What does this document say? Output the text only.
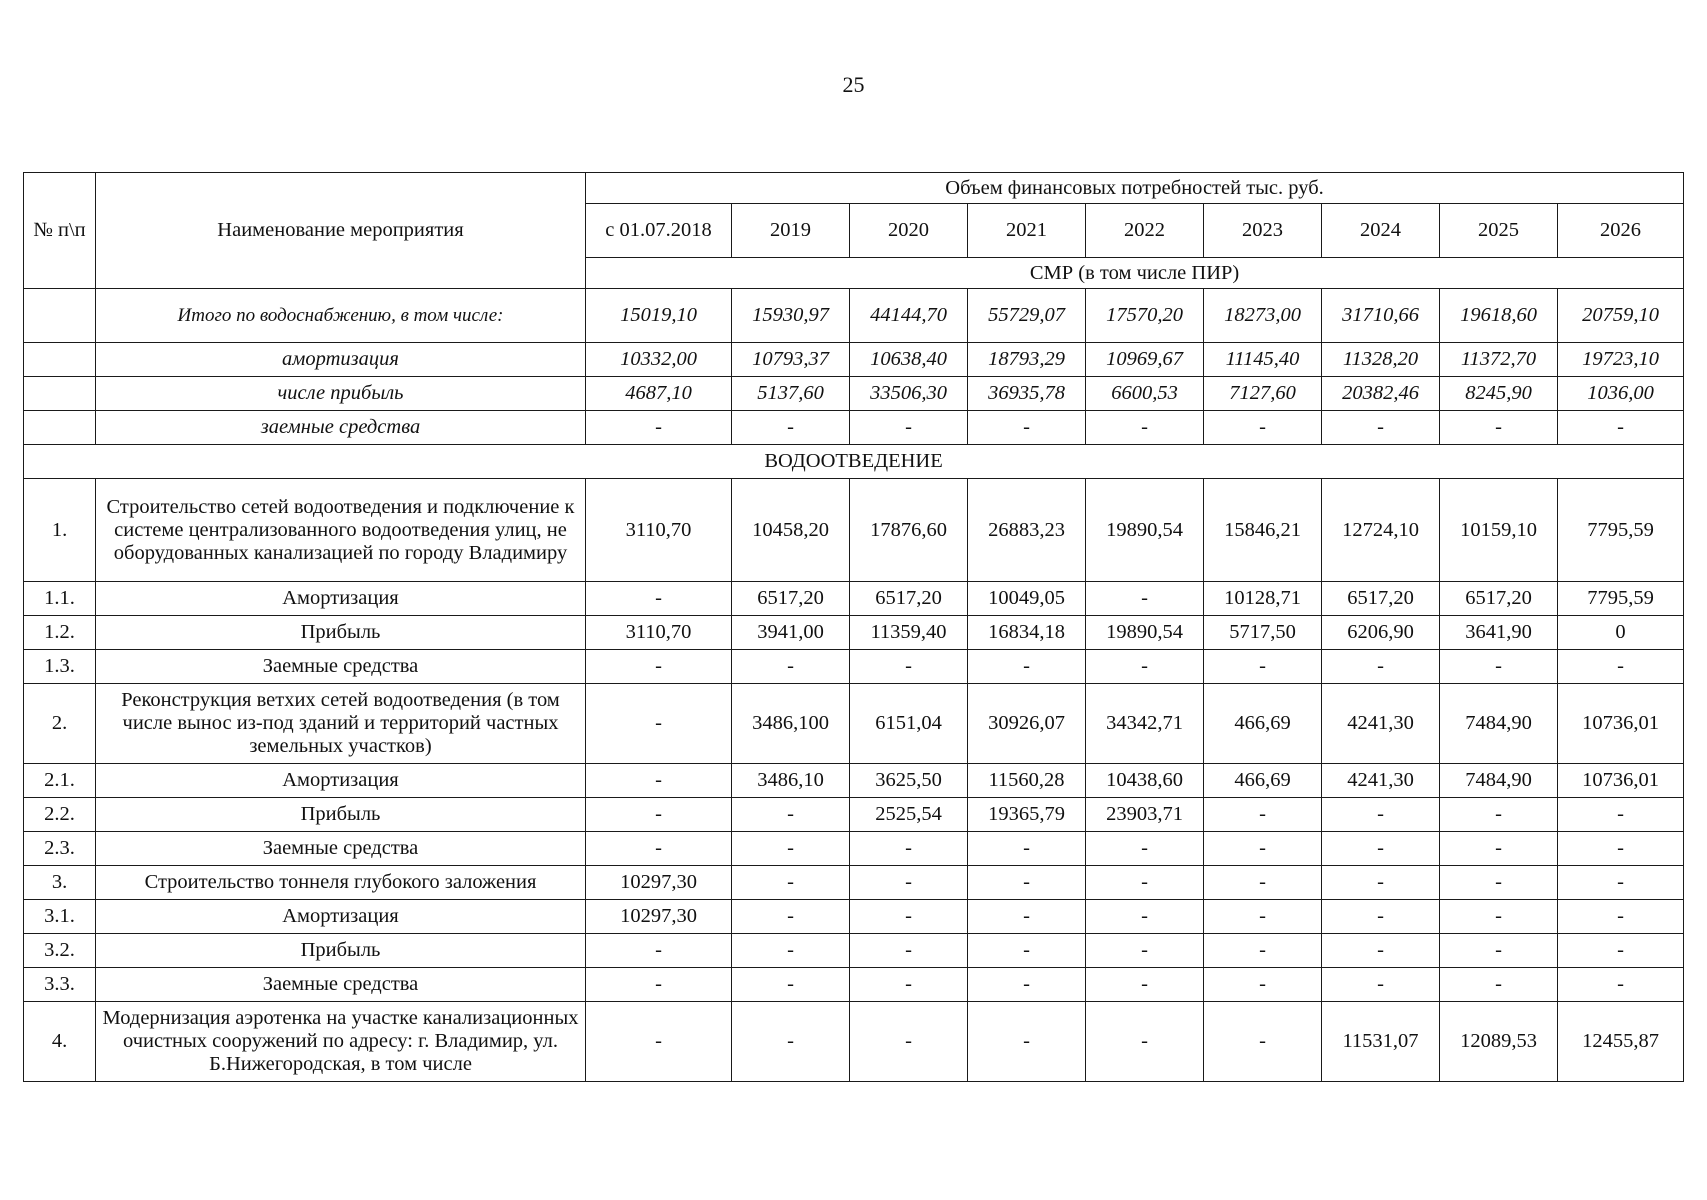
25
№ п\п	Наименование мероприятия	Объем финансовых потребностей тыс. руб.								
		с 01.07.2018	2019	2020	2021	2022	2023	2024	2025	2026
		СМР (в том числе ПИР)								
	Итого по водоснабжению, в том числе:	15019,10	15930,97	44144,70	55729,07	17570,20	18273,00	31710,66	19618,60	20759,10
	амортизация	10332,00	10793,37	10638,40	18793,29	10969,67	11145,40	11328,20	11372,70	19723,10
	числе прибыль	4687,10	5137,60	33506,30	36935,78	6600,53	7127,60	20382,46	8245,90	1036,00
	заемные средства	-	-	-	-	-	-	-	-	-
ВОДООТВЕДЕНИЕ										
1.	Строительство сетей водоотведения и подключение к системе централизованного водоотведения улиц, не оборудованных канализацией по городу Владимиру	3110,70	10458,20	17876,60	26883,23	19890,54	15846,21	12724,10	10159,10	7795,59
1.1.	Амортизация	-	6517,20	6517,20	10049,05	-	10128,71	6517,20	6517,20	7795,59
1.2.	Прибыль	3110,70	3941,00	11359,40	16834,18	19890,54	5717,50	6206,90	3641,90	0
1.3.	Заемные средства	-	-	-	-	-	-	-	-	-
2.	Реконструкция ветхих сетей водоотведения (в том числе вынос из-под зданий и территорий частных земельных участков)	-	3486,100	6151,04	30926,07	34342,71	466,69	4241,30	7484,90	10736,01
2.1.	Амортизация	-	3486,10	3625,50	11560,28	10438,60	466,69	4241,30	7484,90	10736,01
2.2.	Прибыль	-	-	2525,54	19365,79	23903,71	-	-	-	-
2.3.	Заемные средства	-	-	-	-	-	-	-	-	-
3.	Строительство тоннеля глубокого заложения	10297,30	-	-	-	-	-	-	-	-
3.1.	Амортизация	10297,30	-	-	-	-	-	-	-	-
3.2.	Прибыль	-	-	-	-	-	-	-	-	-
3.3.	Заемные средства	-	-	-	-	-	-	-	-	-
4.	Модернизация аэротенка на участке канализационных очистных сооружений по адресу: г. Владимир, ул. Б.Нижегородская, в том числе	-	-	-	-	-	-	11531,07	12089,53	12455,87
